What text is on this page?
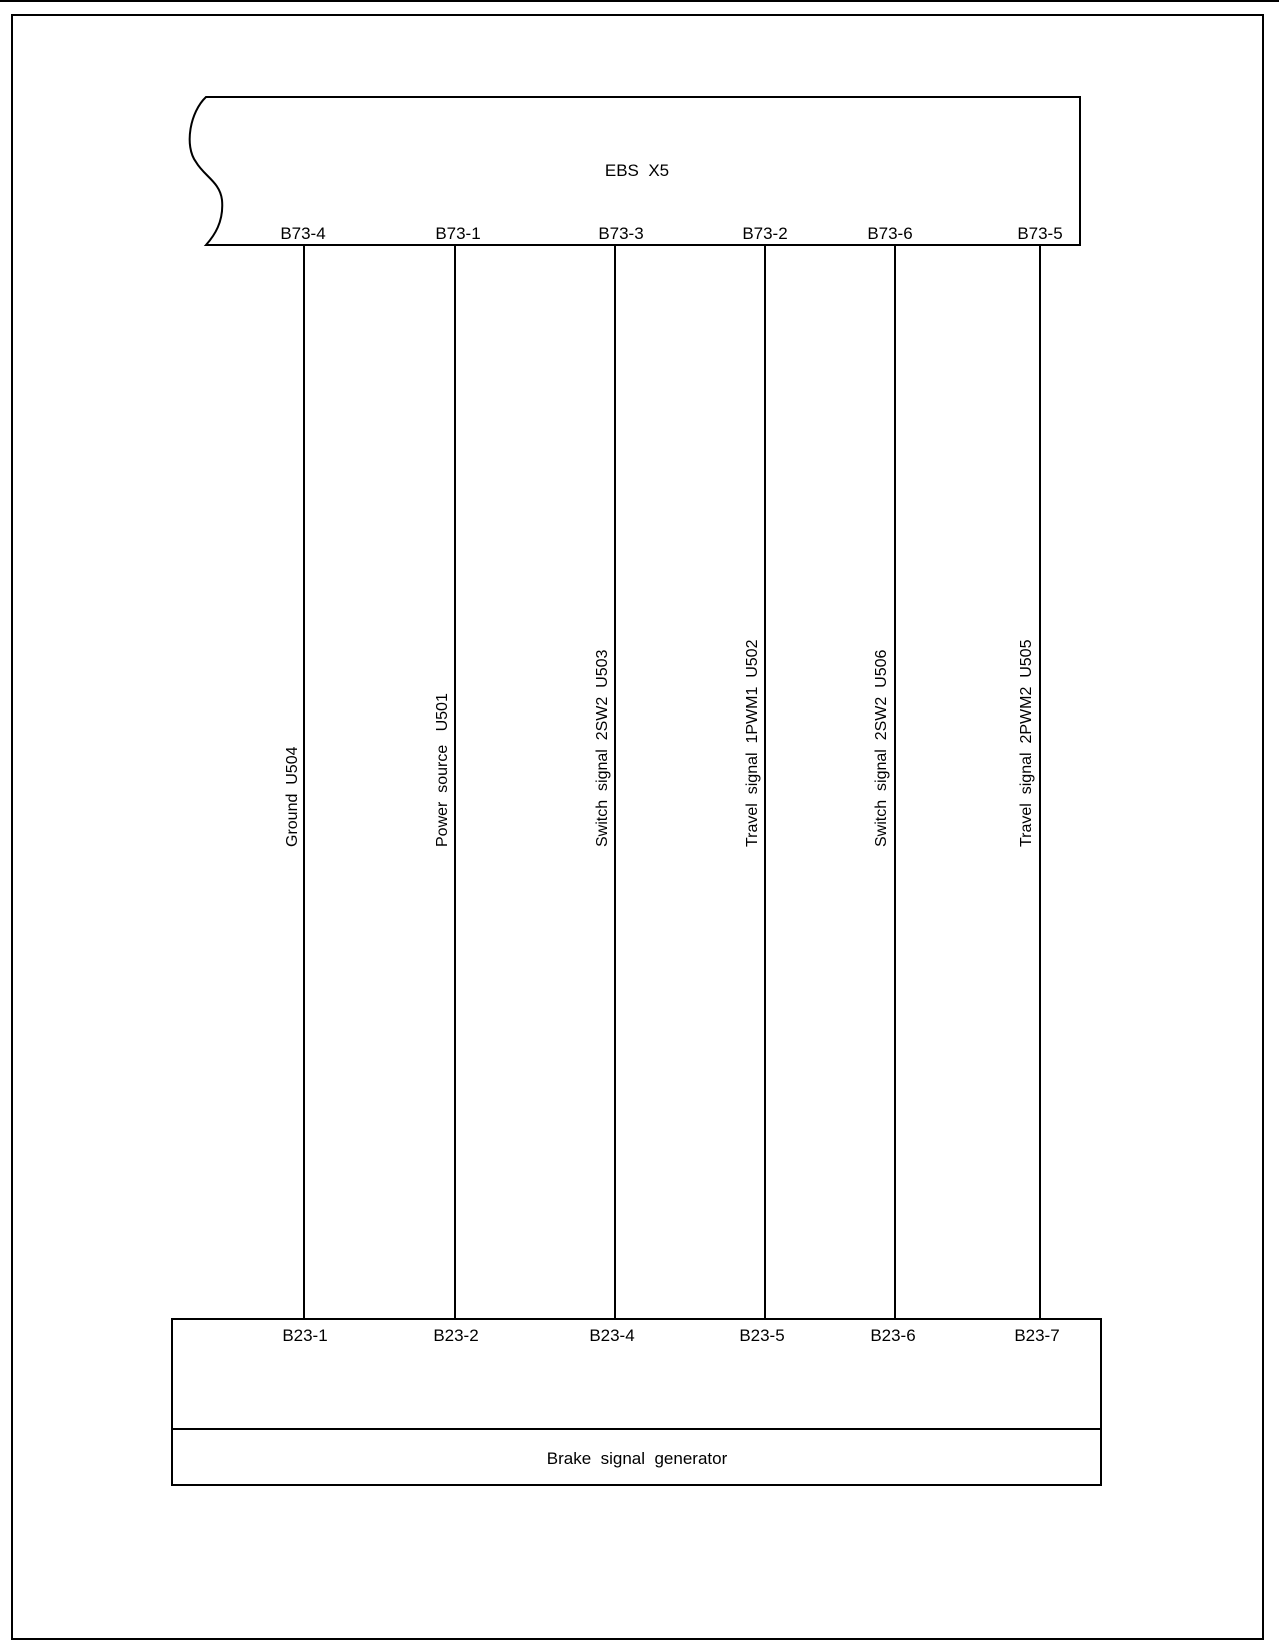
EBS  X5
B73-4	B73-1	B73-3	B73-2	B73-6	B73-5
Ground  U504	Power  source   U501	Switch  signal  2SW2  U503	Travel  signal  1PWM1  U502	Switch  signal  2SW2  U506	Travel  signal  2PWM2  U505
B23-1	B23-2	B23-4	B23-5	B23-6	B23-7
Brake  signal  generator
